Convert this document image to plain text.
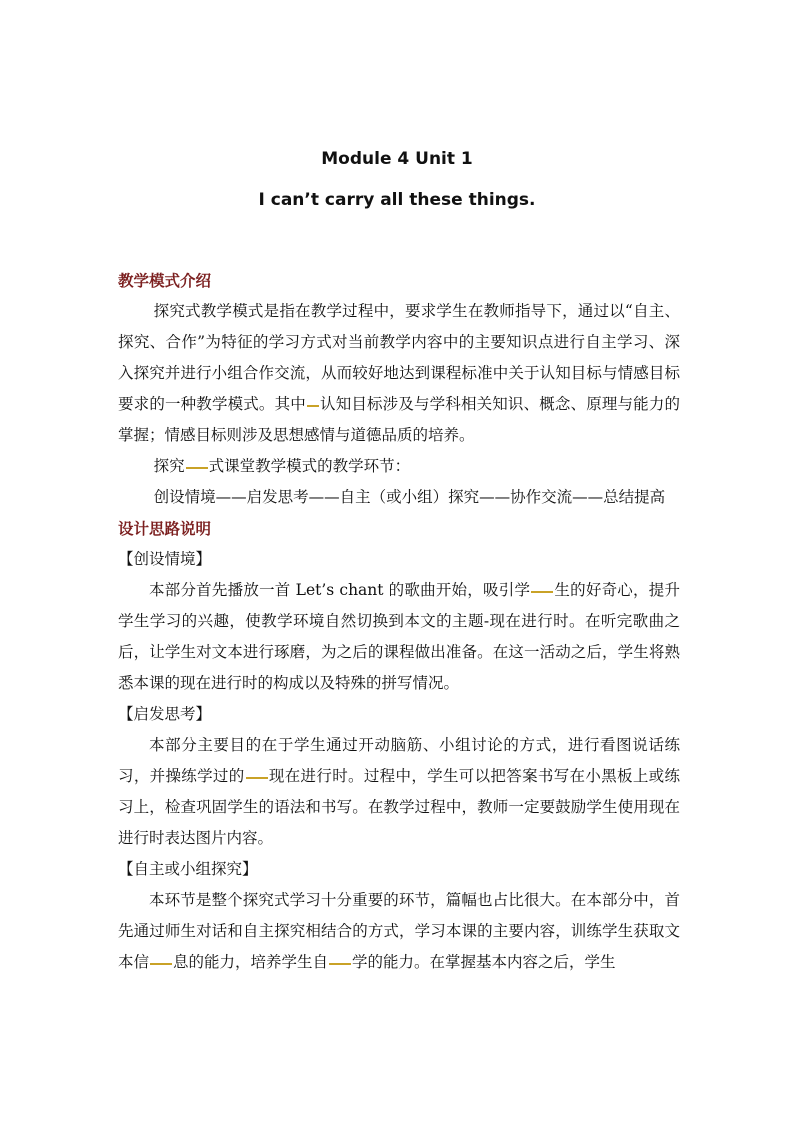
Module 4 Unit 1
I can’t carry all these things.

教学模式介绍

探究式教学模式是指在教学过程中，要求学生在教师指导下，通过以“自主、探究、合作”为特征的学习方式对当前教学内容中的主要知识点进行自主学习、深入探究并进行小组合作交流，从而较好地达到课程标准中关于认知目标与情感目标要求的一种教学模式。其中 认知目标涉及与学科相关知识、概念、原理与能力的掌握；情感目标则涉及思想感情与道德品质的培养。

探究 式课堂教学模式的教学环节：

创设情境——启发思考——自主（或小组）探究——协作交流——总结提高

设计思路说明

【创设情境】

本部分首先播放一首 Let’s chant 的歌曲开始，吸引学 生的好奇心，提升学生学习的兴趣，使教学环境自然切换到本文的主题-现在进行时。在听完歌曲之后，让学生对文本进行琢磨，为之后的课程做出准备。在这一活动之后，学生将熟悉本课的现在进行时的构成以及特殊的拼写情况。

【启发思考】

本部分主要目的在于学生通过开动脑筋、小组讨论的方式，进行看图说话练习，并操练学过的 现在进行时。过程中，学生可以把答案书写在小黑板上或练习上，检查巩固学生的语法和书写。在教学过程中，教师一定要鼓励学生使用现在进行时表达图片内容。

【自主或小组探究】

本环节是整个探究式学习十分重要的环节，篇幅也占比很大。在本部分中，首先通过师生对话和自主探究相结合的方式，学习本课的主要内容，训练学生获取文本信 息的能力，培养学生自 学的能力。在掌握基本内容之后，学生
